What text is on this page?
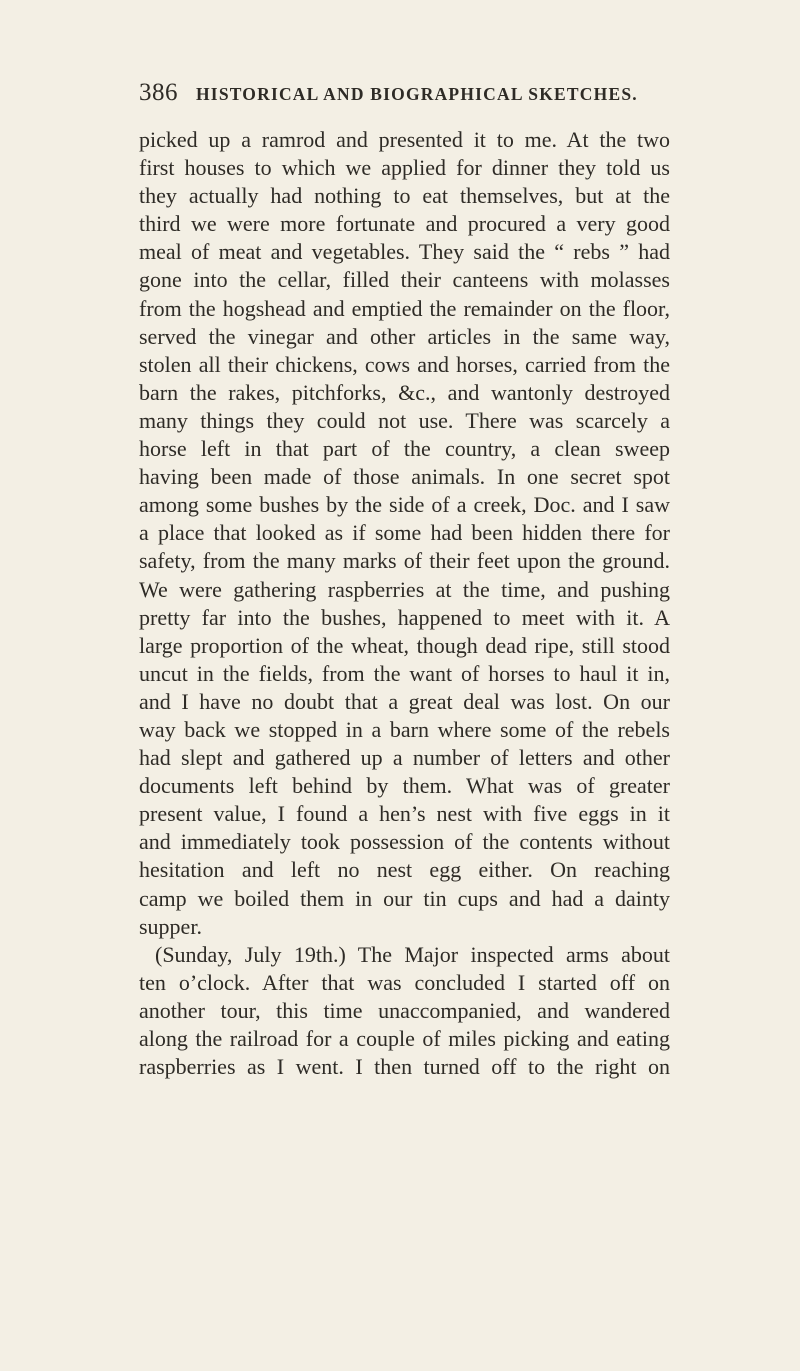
386 HISTORICAL AND BIOGRAPHICAL SKETCHES.
picked up a ramrod and presented it to me. At the two
first houses to which we applied for dinner they told us
they actually had nothing to eat themselves, but at the
third we were more fortunate and procured a very good
meal of meat and vegetables. They said the “ rebs ” had
gone into the cellar, filled their canteens with molasses
from the hogshead and emptied the remainder on the floor,
served the vinegar and other articles in the same way,
stolen all their chickens, cows and horses, carried from the
barn the rakes, pitchforks, &c., and wantonly destroyed
many things they could not use. There was scarcely a
horse left in that part of the country, a clean sweep
having been made of those animals. In one secret spot
among some bushes by the side of a creek, Doc. and I saw
a place that looked as if some had been hidden there for
safety, from the many marks of their feet upon the ground.
We were gathering raspberries at the time, and pushing
pretty far into the bushes, happened to meet with it. A
large proportion of the wheat, though dead ripe, still stood
uncut in the fields, from the want of horses to haul it in,
and I have no doubt that a great deal was lost. On our
way back we stopped in a barn where some of the rebels
had slept and gathered up a number of letters and other
documents left behind by them. What was of greater
present value, I found a hen’s nest with five eggs in it
and immediately took possession of the contents without
hesitation and left no nest egg either. On reaching
camp we boiled them in our tin cups and had a dainty
supper.
(Sunday, July 19th.) The Major inspected arms about
ten o’clock. After that was concluded I started off on
another tour, this time unaccompanied, and wandered
along the railroad for a couple of miles picking and eating
raspberries as I went. I then turned off to the right on
